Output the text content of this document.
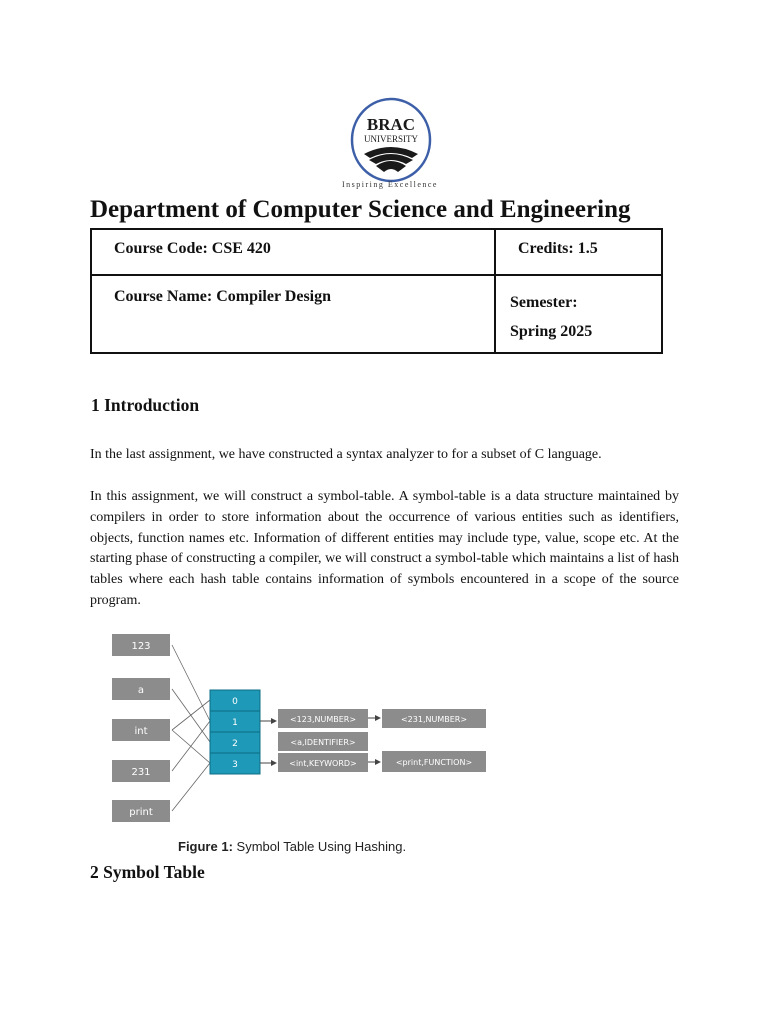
BRAC
UNIVERSITY
Inspiring Excellence
Department of Computer Science and Engineering
Course Code: CSE 420	Credits: 1.5

Course Name: Compiler Design	Semester:
Spring 2025
1 Introduction
In the last assignment, we have constructed a syntax analyzer to for a subset of C language.
In this assignment, we will construct a symbol-table. A symbol-table is a data structure maintained by compilers in order to store information about the occurrence of various entities such as identifiers, objects, function names etc. Information of different entities may include type, value, scope etc. At the starting phase of constructing a compiler, we will construct a symbol-table which maintains a list of hash tables where each hash table contains information of symbols encountered in a scope of the source program.
123
a
int
231
print
0
1
2
3
<123,NUMBER>	<231,NUMBER>
<a,IDENTIFIER>
<int,KEYWORD>	<print,FUNCTION>
Figure 1: Symbol Table Using Hashing.
2 Symbol Table
